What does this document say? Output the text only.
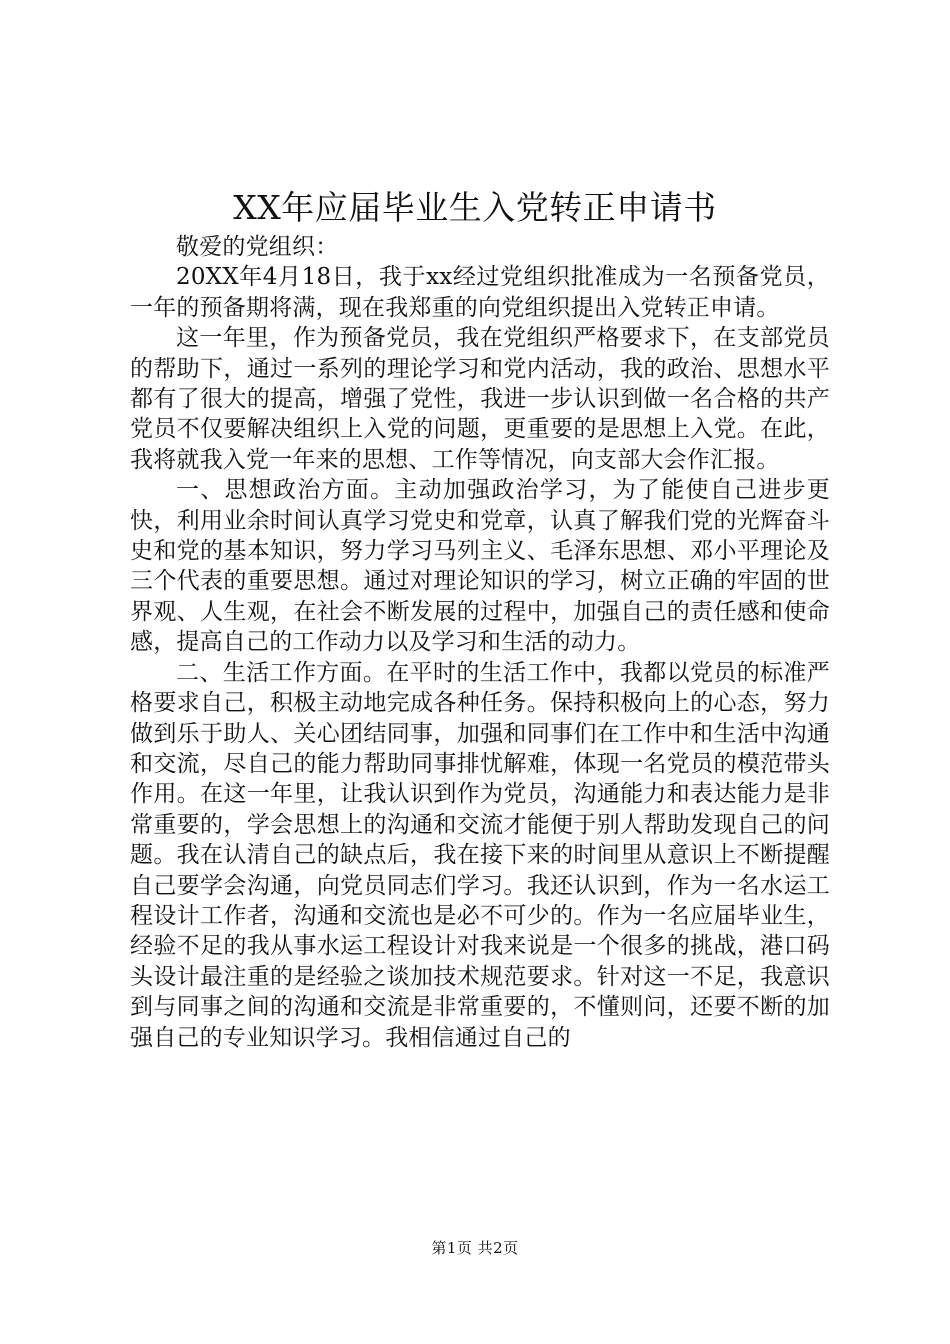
XX年应届毕业生入党转正申请书

敬爱的党组织：

20XX年4月18日，我于xx经过党组织批准成为一名预备党员，一年的预备期将满，现在我郑重的向党组织提出入党转正申请。

这一年里，作为预备党员，我在党组织严格要求下，在支部党员的帮助下，通过一系列的理论学习和党内活动，我的政治、思想水平都有了很大的提高，增强了党性，我进一步认识到做一名合格的共产党员不仅要解决组织上入党的问题，更重要的是思想上入党。在此，我将就我入党一年来的思想、工作等情况，向支部大会作汇报。

一、思想政治方面。主动加强政治学习，为了能使自己进步更快，利用业余时间认真学习党史和党章，认真了解我们党的光辉奋斗史和党的基本知识，努力学习马列主义、毛泽东思想、邓小平理论及三个代表的重要思想。通过对理论知识的学习，树立正确的牢固的世界观、人生观，在社会不断发展的过程中，加强自己的责任感和使命感，提高自己的工作动力以及学习和生活的动力。

二、生活工作方面。在平时的生活工作中，我都以党员的标准严格要求自己，积极主动地完成各种任务。保持积极向上的心态，努力做到乐于助人、关心团结同事，加强和同事们在工作中和生活中沟通和交流，尽自己的能力帮助同事排忧解难，体现一名党员的模范带头作用。在这一年里，让我认识到作为党员，沟通能力和表达能力是非常重要的，学会思想上的沟通和交流才能便于别人帮助发现自己的问题。我在认清自己的缺点后，我在接下来的时间里从意识上不断提醒自己要学会沟通，向党员同志们学习。我还认识到，作为一名水运工程设计工作者，沟通和交流也是必不可少的。作为一名应届毕业生，经验不足的我从事水运工程设计对我来说是一个很多的挑战，港口码头设计最注重的是经验之谈加技术规范要求。针对这一不足，我意识到与同事之间的沟通和交流是非常重要的，不懂则问，还要不断的加强自己的专业知识学习。我相信通过自己的

第1页 共2页
